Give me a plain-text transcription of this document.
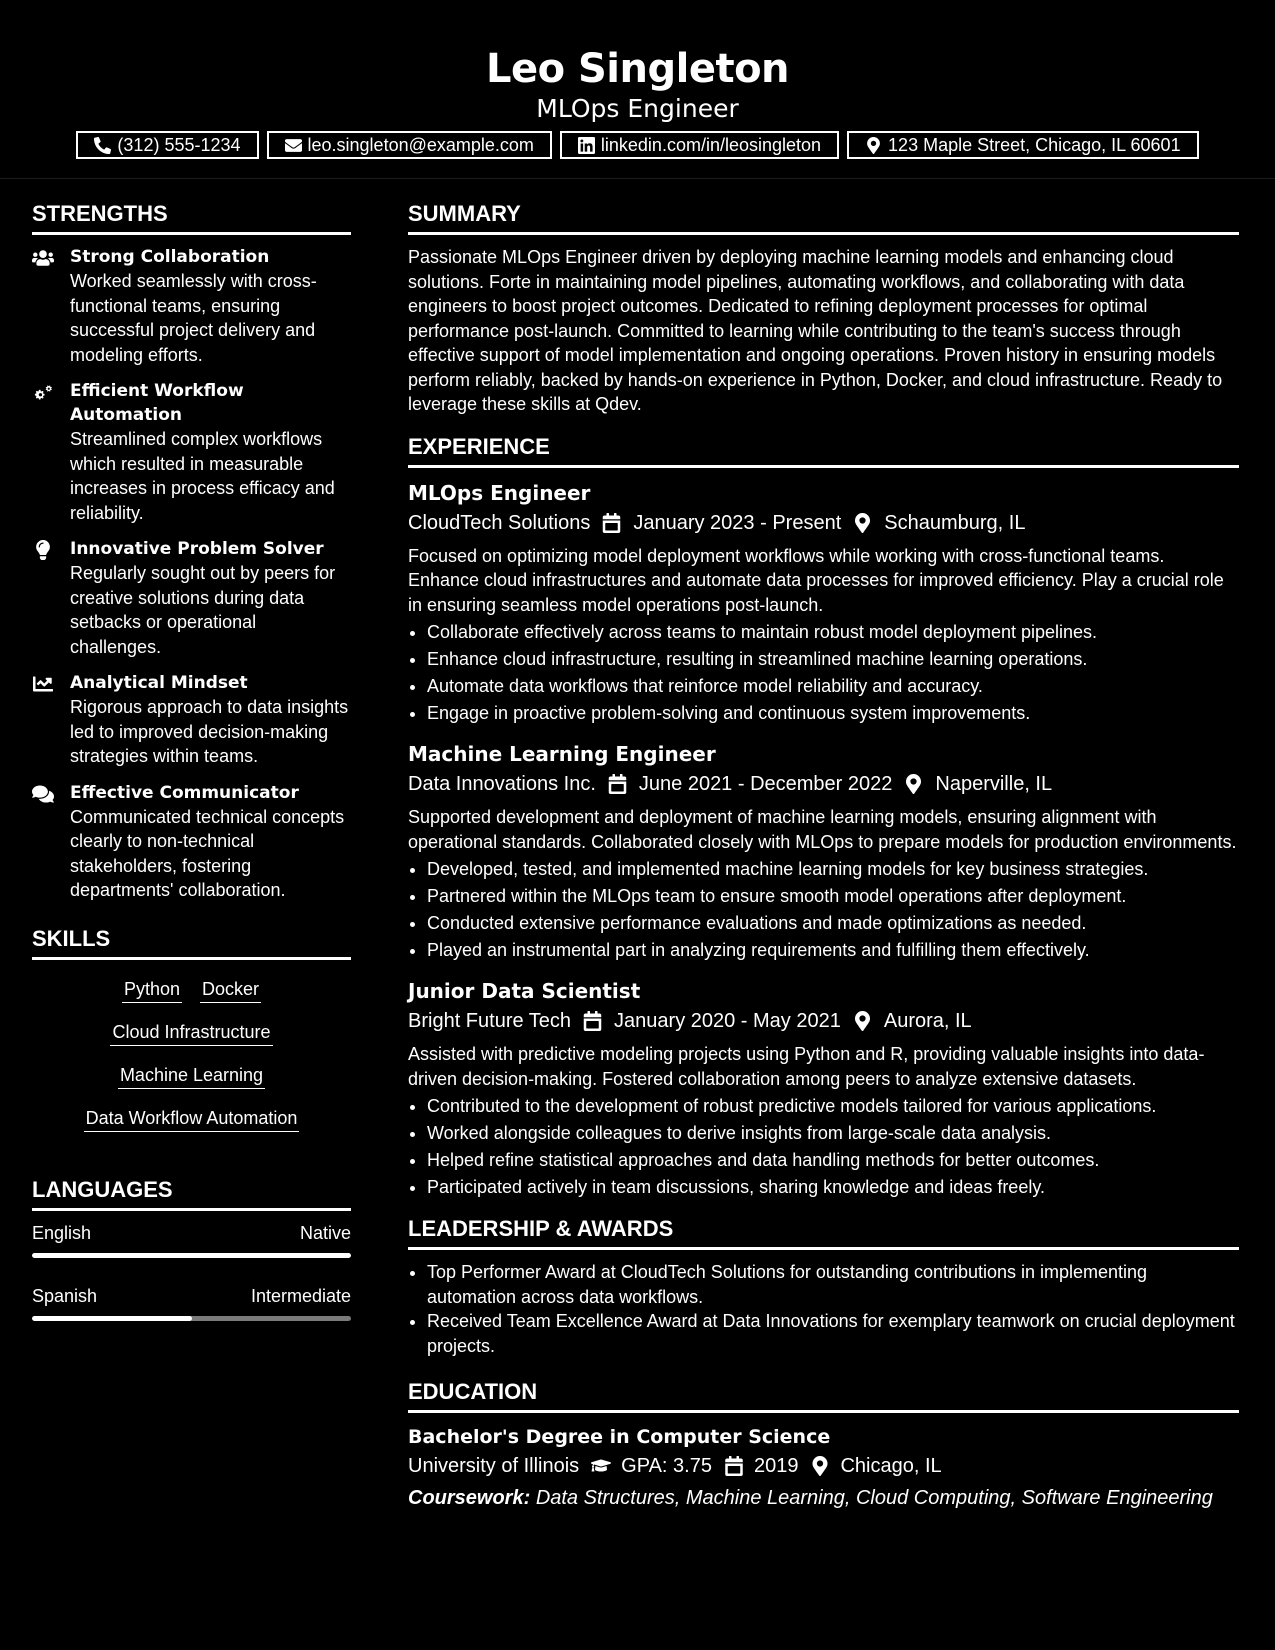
Leo Singleton
MLOps Engineer
(312) 555-1234	leo.singleton@example.com	linkedin.com/in/leosingleton	123 Maple Street, Chicago, IL 60601
STRENGTHS
Strong Collaboration
Worked seamlessly with cross-functional teams, ensuring successful project delivery and modeling efforts.
Efficient Workflow Automation
Streamlined complex workflows which resulted in measurable increases in process efficacy and reliability.
Innovative Problem Solver
Regularly sought out by peers for creative solutions during data setbacks or operational challenges.
Analytical Mindset
Rigorous approach to data insights led to improved decision-making strategies within teams.
Effective Communicator
Communicated technical concepts clearly to non-technical stakeholders, fostering departments' collaboration.
SKILLS
Python Docker
Cloud Infrastructure
Machine Learning
Data Workflow Automation
LANGUAGES
English	Native
Spanish	Intermediate
SUMMARY

Passionate MLOps Engineer driven by deploying machine learning models and enhancing cloud solutions. Forte in maintaining model pipelines, automating workflows, and collaborating with data engineers to boost project outcomes. Dedicated to refining deployment processes for optimal performance post-launch. Committed to learning while contributing to the team's success through effective support of model implementation and ongoing operations. Proven history in ensuring models perform reliably, backed by hands-on experience in Python, Docker, and cloud infrastructure. Ready to leverage these skills at Qdev.

EXPERIENCE
MLOps Engineer
CloudTech Solutions January 2023 - Present Schaumburg, IL

Focused on optimizing model deployment workflows while working with cross-functional teams. Enhance cloud infrastructures and automate data processes for improved efficiency. Play a crucial role in ensuring seamless model operations post-launch.

• Collaborate effectively across teams to maintain robust model deployment pipelines.
• Enhance cloud infrastructure, resulting in streamlined machine learning operations.
• Automate data workflows that reinforce model reliability and accuracy.
• Engage in proactive problem-solving and continuous system improvements.
Machine Learning Engineer
Data Innovations Inc. June 2021 - December 2022 Naperville, IL

Supported development and deployment of machine learning models, ensuring alignment with operational standards. Collaborated closely with MLOps to prepare models for production environments.

• Developed, tested, and implemented machine learning models for key business strategies.
• Partnered within the MLOps team to ensure smooth model operations after deployment.
• Conducted extensive performance evaluations and made optimizations as needed.
• Played an instrumental part in analyzing requirements and fulfilling them effectively.
Junior Data Scientist
Bright Future Tech January 2020 - May 2021 Aurora, IL

Assisted with predictive modeling projects using Python and R, providing valuable insights into data-driven decision-making. Fostered collaboration among peers to analyze extensive datasets.

• Contributed to the development of robust predictive models tailored for various applications.
• Worked alongside colleagues to derive insights from large-scale data analysis.
• Helped refine statistical approaches and data handling methods for better outcomes.
• Participated actively in team discussions, sharing knowledge and ideas freely.
LEADERSHIP & AWARDS
• Top Performer Award at CloudTech Solutions for outstanding contributions in implementing automation across data workflows.
• Received Team Excellence Award at Data Innovations for exemplary teamwork on crucial deployment projects.
EDUCATION
Bachelor's Degree in Computer Science
University of Illinois GPA: 3.75 2019 Chicago, IL
Coursework: Data Structures, Machine Learning, Cloud Computing, Software Engineering
